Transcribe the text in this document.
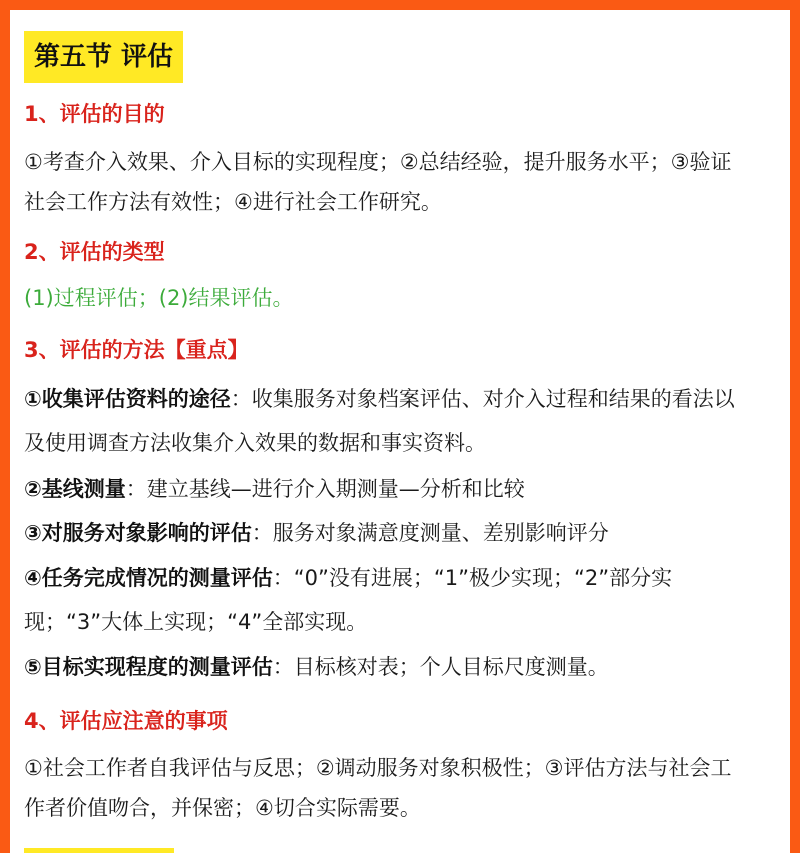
第五节 评估
1、评估的目的
①考查介入效果、介入目标的实现程度；②总结经验，提升服务水平；③验证
社会工作方法有效性；④进行社会工作研究。
2、评估的类型
(1)过程评估；(2)结果评估。
3、评估的方法【重点】
①收集评估资料的途径：收集服务对象档案评估、对介入过程和结果的看法以
及使用调查方法收集介入效果的数据和事实资料。
②基线测量：建立基线—进行介入期测量—分析和比较
③对服务对象影响的评估：服务对象满意度测量、差别影响评分
④任务完成情况的测量评估：“0”没有进展；“1”极少实现；“2”部分实
现；“3”大体上实现；“4”全部实现。
⑤目标实现程度的测量评估：目标核对表；个人目标尺度测量。
4、评估应注意的事项
①社会工作者自我评估与反思；②调动服务对象积极性；③评估方法与社会工
作者价值吻合，并保密；④切合实际需要。
